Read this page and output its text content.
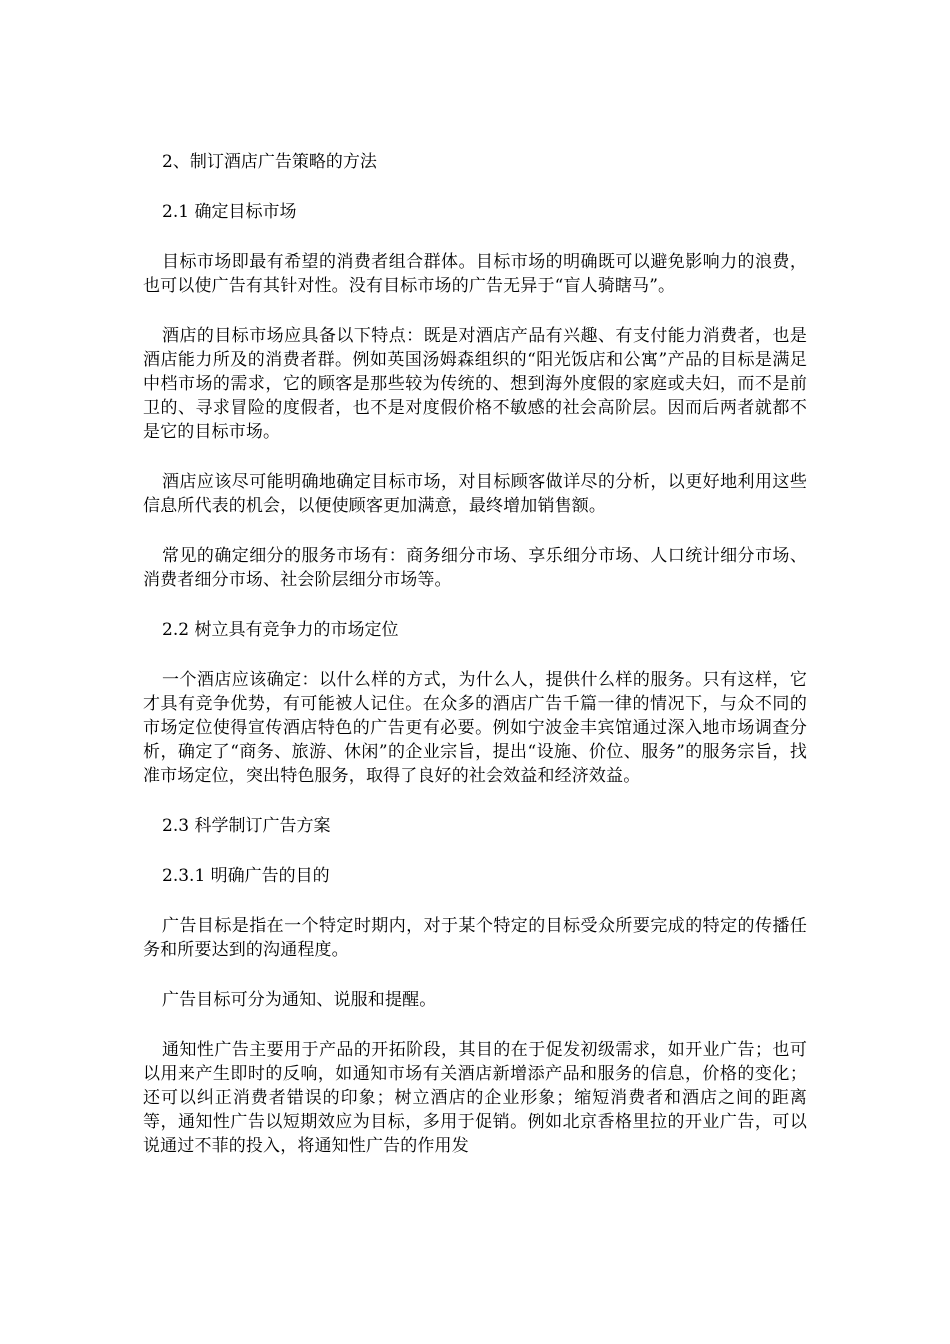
2、制订酒店广告策略的方法
2.1 确定目标市场

目标市场即最有希望的消费者组合群体。目标市场的明确既可以避免影响力的浪费，也可以使广告有其针对性。没有目标市场的广告无异于“盲人骑瞎马”。

酒店的目标市场应具备以下特点：既是对酒店产品有兴趣、有支付能力消费者，也是酒店能力所及的消费者群。例如英国汤姆森组织的“阳光饭店和公寓”产品的目标是满足中档市场的需求，它的顾客是那些较为传统的、想到海外度假的家庭或夫妇，而不是前卫的、寻求冒险的度假者，也不是对度假价格不敏感的社会高阶层。因而后两者就都不是它的目标市场。

酒店应该尽可能明确地确定目标市场，对目标顾客做详尽的分析，以更好地利用这些信息所代表的机会，以便使顾客更加满意，最终增加销售额。

常见的确定细分的服务市场有：商务细分市场、享乐细分市场、人口统计细分市场、消费者细分市场、社会阶层细分市场等。

2.2 树立具有竞争力的市场定位

一个酒店应该确定：以什么样的方式，为什么人，提供什么样的服务。只有这样，它才具有竞争优势，有可能被人记住。在众多的酒店广告千篇一律的情况下，与众不同的市场定位使得宣传酒店特色的广告更有必要。例如宁波金丰宾馆通过深入地市场调查分析，确定了“商务、旅游、休闲”的企业宗旨，提出“设施、价位、服务”的服务宗旨，找准市场定位，突出特色服务，取得了良好的社会效益和经济效益。

2.3 科学制订广告方案
2.3.1 明确广告的目的

广告目标是指在一个特定时期内，对于某个特定的目标受众所要完成的特定的传播任务和所要达到的沟通程度。

广告目标可分为通知、说服和提醒。

通知性广告主要用于产品的开拓阶段，其目的在于促发初级需求，如开业广告；也可以用来产生即时的反响，如通知市场有关酒店新增添产品和服务的信息，价格的变化；还可以纠正消费者错误的印象；树立酒店的企业形象；缩短消费者和酒店之间的距离等，通知性广告以短期效应为目标，多用于促销。例如北京香格里拉的开业广告，可以说通过不菲的投入，将通知性广告的作用发
